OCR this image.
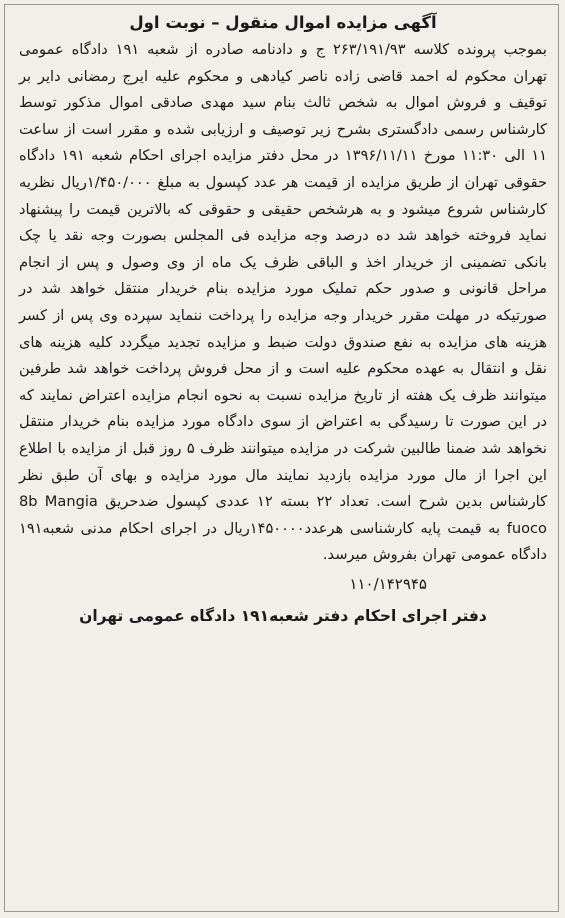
آگهی مزایده اموال منقول – نوبت اول

بموجب پرونده کلاسه ۲۶۳/۱۹۱/۹۳ ج و دادنامه صادره از شعبه ۱۹۱ دادگاه عمومی تهران محکوم له احمد قاضی زاده ناصر کیادهی و محکوم علیه ایرج رمضانی دایر بر توقیف و فروش اموال به شخص ثالث بنام سید مهدی صادقی اموال مذکور توسط کارشناس رسمی دادگستری بشرح زیر توصیف و ارزیابی شده و مقرر است از ساعت ۱۱ الی ۱۱:۳۰ مورخ ۱۳۹۶/۱۱/۱۱ در محل دفتر مزایده اجرای احکام شعبه ۱۹۱ دادگاه حقوقی تهران از طریق مزایده از قیمت هر عدد کپسول به مبلغ ۱/۴۵۰/۰۰۰ریال نظریه کارشناس شروع میشود و به هرشخص حقیقی و حقوقی که بالاترین قیمت را پیشنهاد نماید فروخته خواهد شد ده درصد وجه مزایده فی المجلس بصورت وجه نقد یا چک بانکی تضمینی از خریدار اخذ و الباقی ظرف یک ماه از وی وصول و پس از انجام مراحل قانونی و صدور حکم تملیک مورد مزایده بنام خریدار منتقل خواهد شد در صورتیکه در مهلت مقرر خریدار وجه مزایده را پرداخت ننماید سپرده وی پس از کسر هزینه های مزایده به نفع صندوق دولت ضبط و مزایده تجدید میگردد کلیه هزینه های نقل و انتقال به عهده محکوم علیه است و از محل فروش پرداخت خواهد شد طرفین میتوانند ظرف یک هفته از تاریخ مزایده نسبت به نحوه انجام مزایده اعتراض نمایند که در این صورت تا رسیدگی به اعتراض از سوی دادگاه مورد مزایده بنام خریدار منتقل نخواهد شد ضمنا طالبین شرکت در مزایده میتوانند ظرف ۵ روز قبل از مزایده با اطلاع این اجرا از مال مورد مزایده بازدید نمایند مال مورد مزایده و بهای آن طبق نظر کارشناس بدین شرح است. تعداد ۲۲ بسته ۱۲ عددی کپسول ضدحریق 8b Mangia fuoco به قیمت پایه کارشناسی هرعدد۱۴۵۰۰۰۰ریال در اجرای احکام مدنی شعبه۱۹۱ دادگاه عمومی تهران بفروش میرسد.

۱۱۰/۱۴۲۹۴۵

دفتر اجرای احکام دفتر شعبه۱۹۱ دادگاه عمومی تهران
